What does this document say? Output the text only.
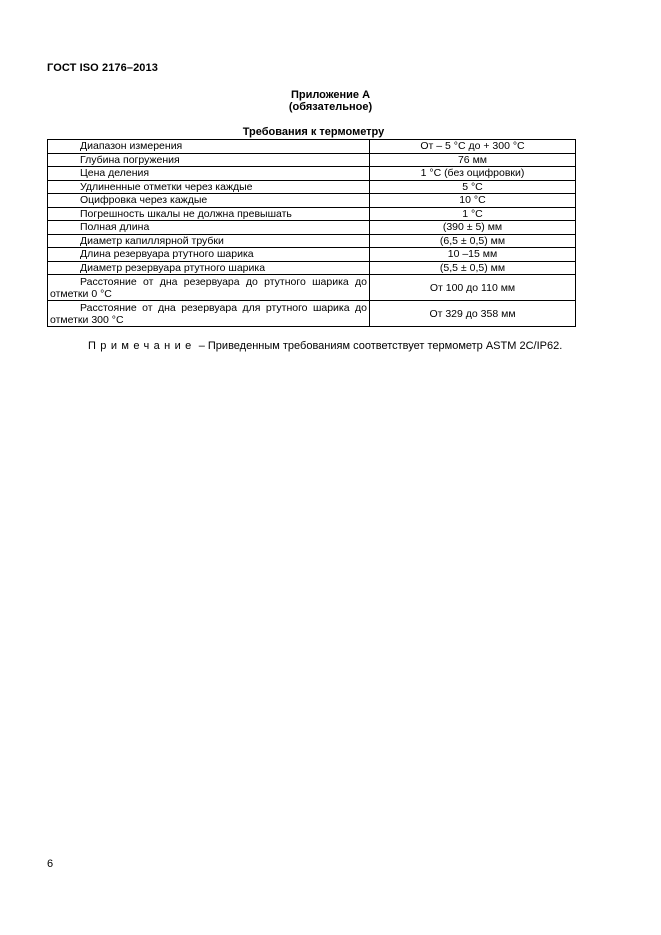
ГОСТ ISO 2176–2013
Приложение А
(обязательное)
Требования к термометру
Диапазон измерения	От – 5 °С до + 300 °С
Глубина погружения	76 мм
Цена деления	1 °С (без оцифровки)
Удлиненные отметки через каждые	5 °С
Оцифровка через каждые	10 °С
Погрешность шкалы не должна превышать	1 °С
Полная длина	(390 ± 5) мм
Диаметр капиллярной трубки	(6,5 ± 0,5) мм
Длина резервуара ртутного шарика	10 –15 мм
Диаметр резервуара ртутного шарика	(5,5 ± 0,5) мм
Расстояние от дна резервуара до ртутного шарика до отметки 0 °С	От 100 до 110 мм
Расстояние от дна резервуара для ртутного шарика до отметки 300 °С	От 329 до 358 мм
Примечание – Приведенным требованиям соответствует термометр ASTM 2C/IP62.
6
